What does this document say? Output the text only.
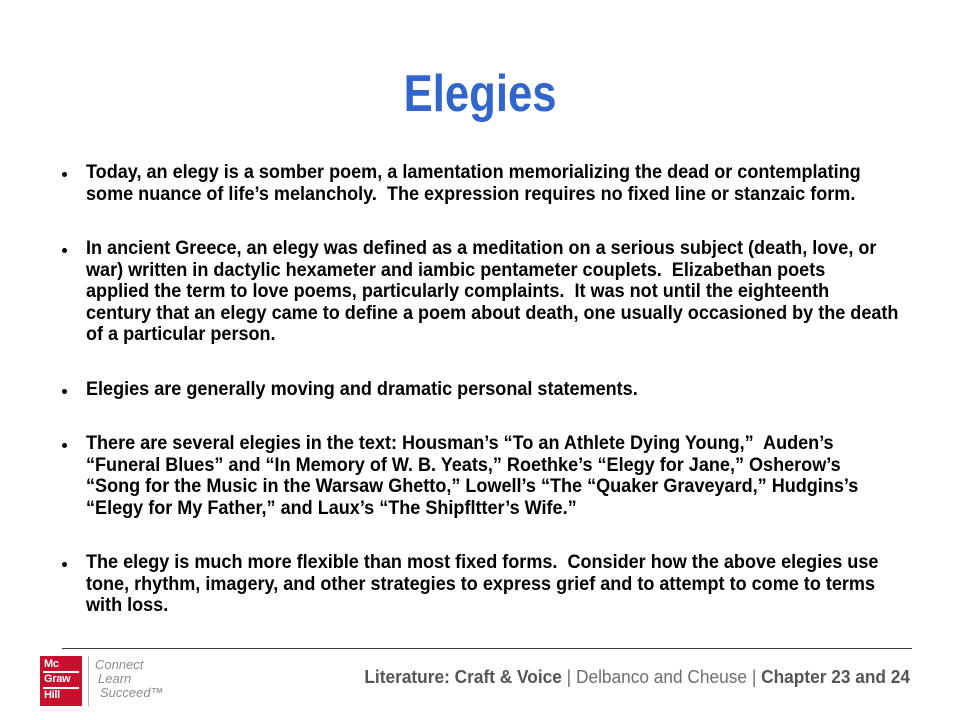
Elegies
Today, an elegy is a somber poem, a lamentation memorializing the dead or contemplating
some nuance of life’s melancholy.  The expression requires no fixed line or stanzaic form.
In ancient Greece, an elegy was defined as a meditation on a serious subject (death, love, or
war) written in dactylic hexameter and iambic pentameter couplets.  Elizabethan poets
applied the term to love poems, particularly complaints.  It was not until the eighteenth
century that an elegy came to define a poem about death, one usually occasioned by the death
of a particular person.
Elegies are generally moving and dramatic personal statements.
There are several elegies in the text: Housman’s “To an Athlete Dying Young,”  Auden’s
“Funeral Blues” and “In Memory of W. B. Yeats,” Roethke’s “Elegy for Jane,” Osherow’s
“Song for the Music in the Warsaw Ghetto,” Lowell’s “The “Quaker Graveyard,” Hudgins’s
“Elegy for My Father,” and Laux’s “The Shipfltter’s Wife.”
The elegy is much more flexible than most fixed forms.  Consider how the above elegies use
tone, rhythm, imagery, and other strategies to express grief and to attempt to come to terms
with loss.
Mc
Graw
Hill
Connect
Learn
Succeed™
Literature: Craft & Voice | Delbanco and Cheuse | Chapter 23 and 24
